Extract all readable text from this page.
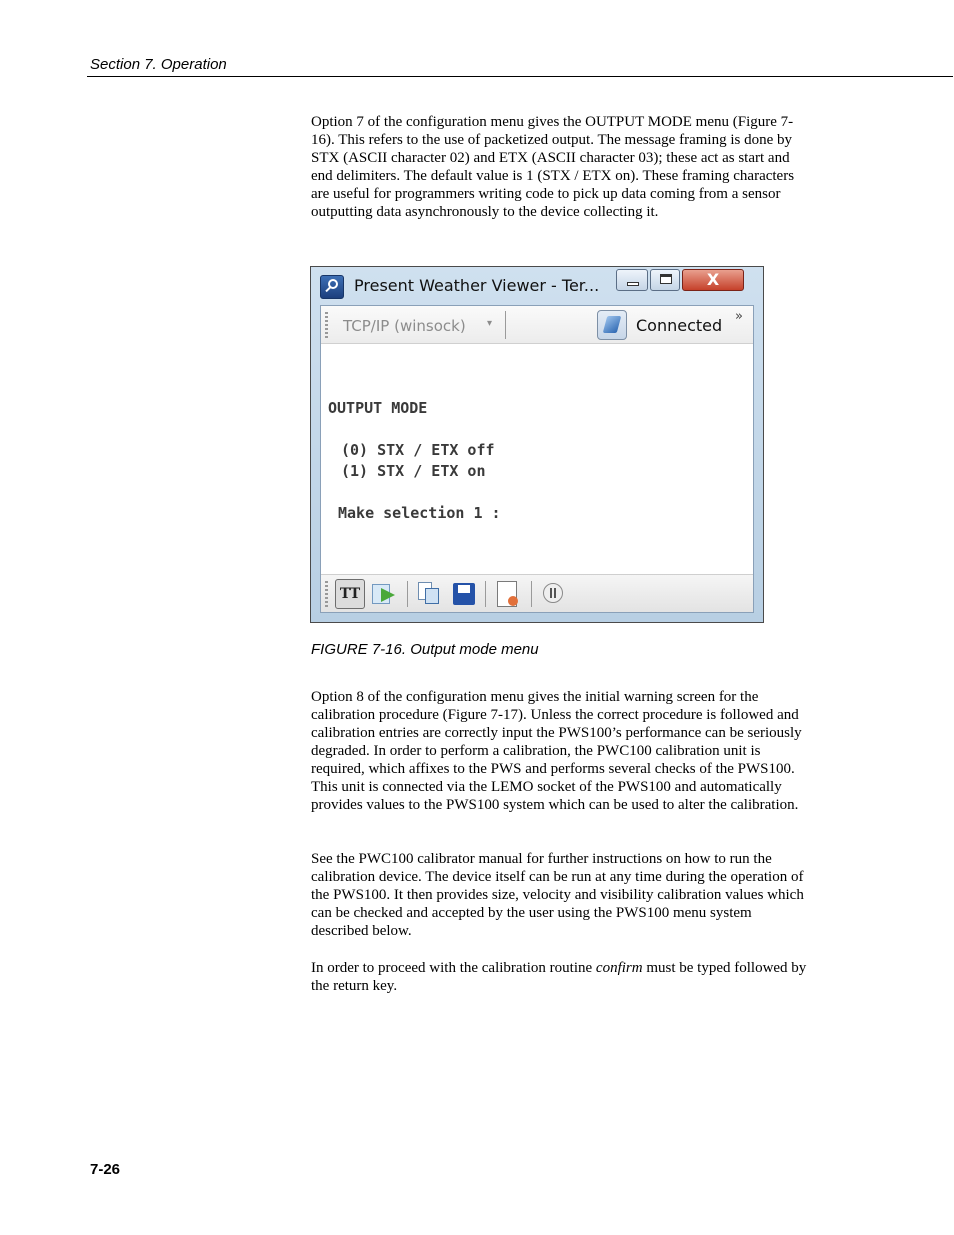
Section 7. Operation

Option 7 of the configuration menu gives the OUTPUT MODE menu (Figure 7-16). This refers to the use of packetized output. The message framing is done by STX (ASCII character 02) and ETX (ASCII character 03); these act as start and end delimiters. The default value is 1 (STX / ETX on). These framing characters are useful for programmers writing code to pick up data coming from a sensor outputting data asynchronously to the device collecting it.

Present Weather Viewer - Ter...	X
TCP/IP (winsock) ▾	Connected »
OUTPUT MODE
(0) STX / ETX off
(1) STX / ETX on
Make selection 1 :
TT
FIGURE 7-16. Output mode menu

Option 8 of the configuration menu gives the initial warning screen for the calibration procedure (Figure 7-17). Unless the correct procedure is followed and calibration entries are correctly input the PWS100’s performance can be seriously degraded. In order to perform a calibration, the PWC100 calibration unit is required, which affixes to the PWS and performs several checks of the PWS100. This unit is connected via the LEMO socket of the PWS100 and automatically provides values to the PWS100 system which can be used to alter the calibration.

See the PWC100 calibrator manual for further instructions on how to run the calibration device. The device itself can be run at any time during the operation of the PWS100. It then provides size, velocity and visibility calibration values which can be checked and accepted by the user using the PWS100 menu system described below.

In order to proceed with the calibration routine confirm must be typed followed by the return key.

7-26
